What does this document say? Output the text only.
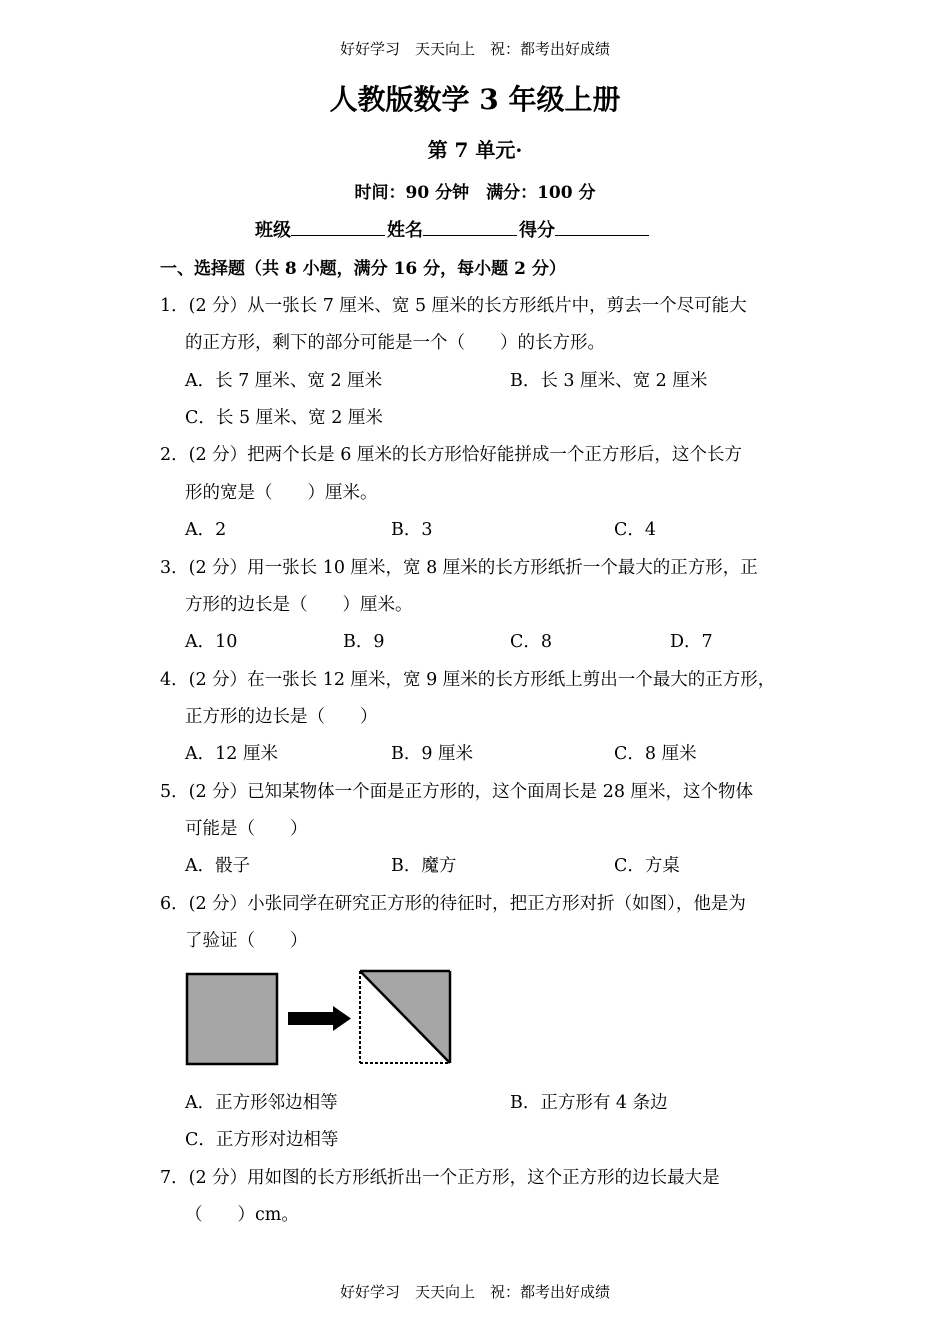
好好学习　天天向上　祝：都考出好成绩
人教版数学 3 年级上册
第 7 单元·
时间：90 分钟　满分：100 分
班级	姓名	得分
一、选择题（共 8 小题，满分 16 分，每小题 2 分）
1．(2 分）从一张长 7 厘米、宽 5 厘米的长方形纸片中，剪去一个尽可能大
的正方形，剩下的部分可能是一个（　　）的长方形。
A．长 7 厘米、宽 2 厘米	B．长 3 厘米、宽 2 厘米
C．长 5 厘米、宽 2 厘米
2．(2 分）把两个长是 6 厘米的长方形恰好能拼成一个正方形后，这个长方
形的宽是（　　）厘米。
A．2	B．3	C．4
3．(2 分）用一张长 10 厘米，宽 8 厘米的长方形纸折一个最大的正方形，正
方形的边长是（　　）厘米。
A．10	B．9	C．8	D．7
4．(2 分）在一张长 12 厘米，宽 9 厘米的长方形纸上剪出一个最大的正方形，
正方形的边长是（　　）
A．12 厘米	B．9 厘米	C．8 厘米
5．(2 分）已知某物体一个面是正方形的，这个面周长是 28 厘米，这个物体
可能是（　　）
A．骰子	B．魔方	C．方桌
6．(2 分）小张同学在研究正方形的待征时，把正方形对折（如图），他是为
了验证（　　）
A．正方形邻边相等	B．正方形有 4 条边
C．正方形对边相等
7．(2 分）用如图的长方形纸折出一个正方形，这个正方形的边长最大是
（　　）cm。
好好学习　天天向上　祝：都考出好成绩
